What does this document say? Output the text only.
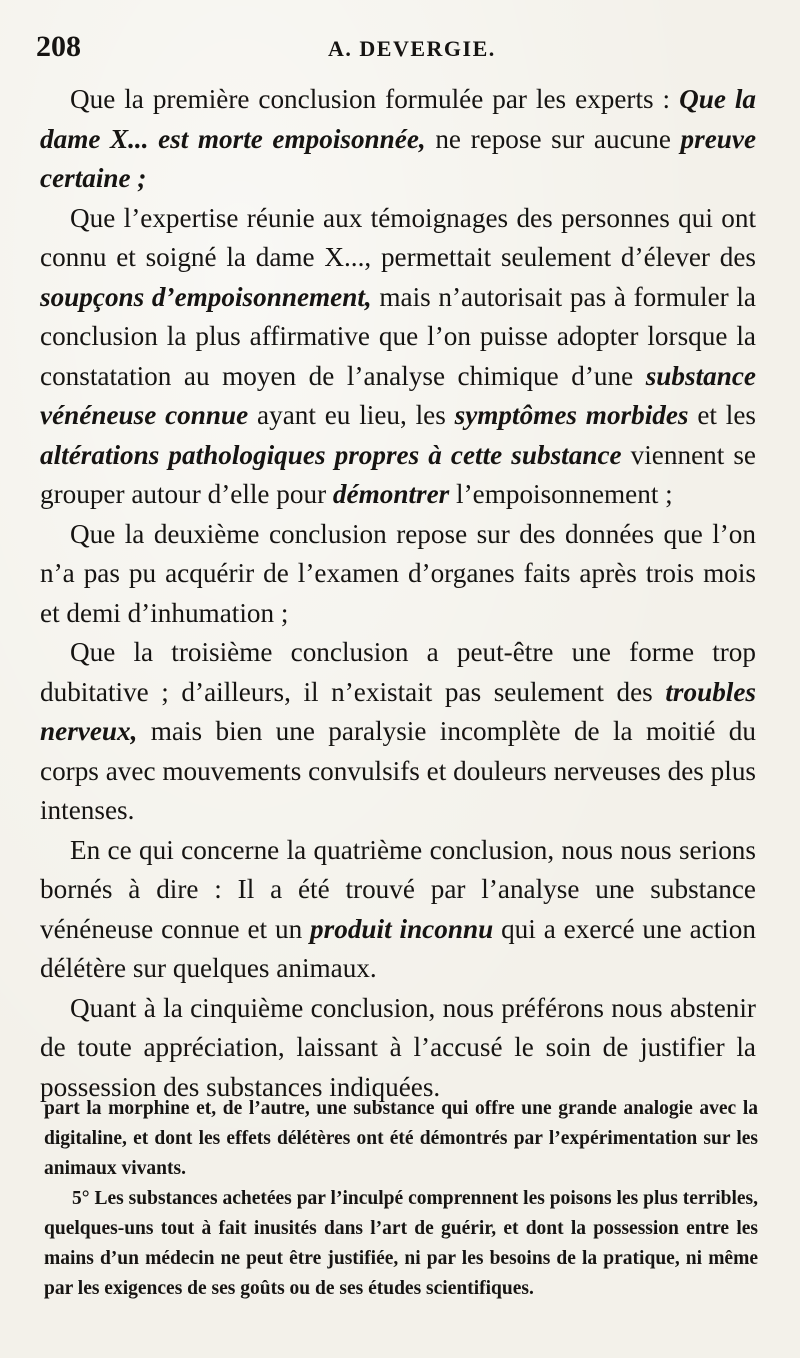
208	A. DEVERGIE.

Que la première conclusion formulée par les experts : Que la dame X... est morte empoisonnée, ne repose sur aucune preuve certaine ;

Que l’expertise réunie aux témoignages des personnes qui ont connu et soigné la dame X..., permettait seulement d’élever des soupçons d’empoisonnement, mais n’autorisait pas à formuler la conclusion la plus affirmative que l’on puisse adopter lorsque la constatation au moyen de l’analyse chimique d’une substance vénéneuse connue ayant eu lieu, les symptômes morbides et les altérations pathologiques propres à cette substance viennent se grouper autour d’elle pour démontrer l’empoisonnement ;

Que la deuxième conclusion repose sur des données que l’on n’a pas pu acquérir de l’examen d’organes faits après trois mois et demi d’inhumation ;

Que la troisième conclusion a peut-être une forme trop dubitative ; d’ailleurs, il n’existait pas seulement des troubles nerveux, mais bien une paralysie incomplète de la moitié du corps avec mouvements convulsifs et douleurs nerveuses des plus intenses.

En ce qui concerne la quatrième conclusion, nous nous serions bornés à dire : Il a été trouvé par l’analyse une substance vénéneuse connue et un produit inconnu qui a exercé une action délétère sur quelques animaux.

Quant à la cinquième conclusion, nous préférons nous abstenir de toute appréciation, laissant à l’accusé le soin de justifier la possession des substances indiquées.

part la morphine et, de l’autre, une substance qui offre une grande analogie avec la digitaline, et dont les effets délétères ont été démontrés par l’expérimentation sur les animaux vivants.

5° Les substances achetées par l’inculpé comprennent les poisons les plus terribles, quelques-uns tout à fait inusités dans l’art de guérir, et dont la possession entre les mains d’un médecin ne peut être justifiée, ni par les besoins de la pratique, ni même par les exigences de ses goûts ou de ses études scientifiques.
